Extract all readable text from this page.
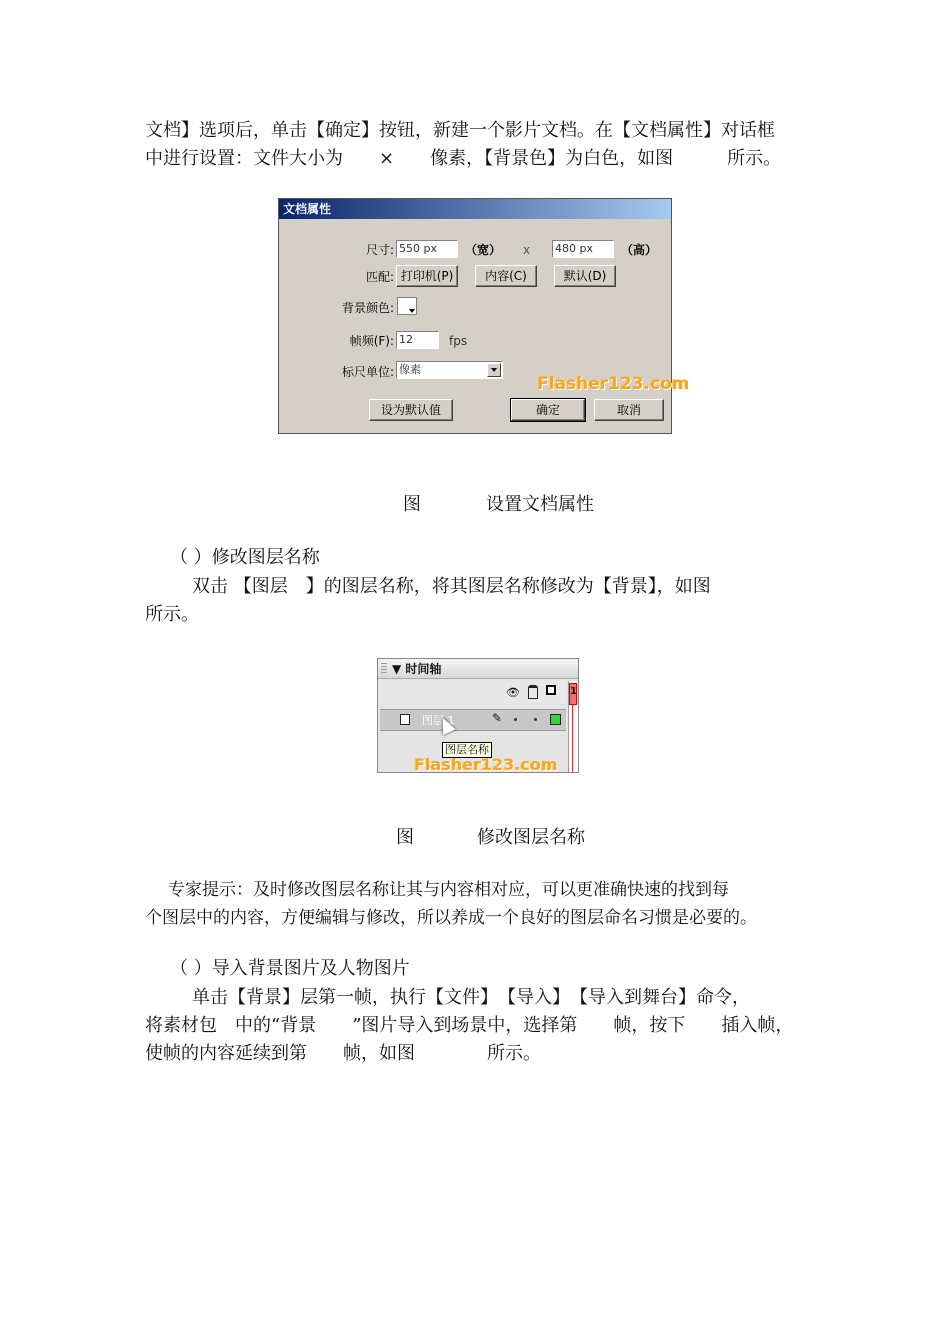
文档】选项后，单击【确定】按钮，新建一个影片文档。在【文档属性】对话框
中进行设置：文件大小为　　×　　像素，【背景色】为白色，如图　　　所示。
文档属性
尺寸: 550 px	（宽） x 480 px	（高）
匹配: 打印机(P)	内容(C)	默认(D)
背景颜色:
帧频(F): 12	fps
标尺单位: 像素
Flasher123.com
设为默认值	确定	取消
图	设置文档属性
（ ）修改图层名称
双击 【图层　】的图层名称，将其图层名称修改为【背景】，如图
所示。
▼ 时间轴
👁
图层 1	✎
1
图层名称
Flasher123.com
图	修改图层名称
专家提示：及时修改图层名称让其与内容相对应，可以更准确快速的找到每
个图层中的内容，方便编辑与修改，所以养成一个良好的图层命名习惯是必要的。
（ ）导入背景图片及人物图片
单击【背景】层第一帧，执行【文件】　【导入】　【导入到舞台】命令，
将素材包　中的“背景　　”图片导入到场景中，选择第　　帧，按下　　插入帧，
使帧的内容延续到第　　帧，如图　　　　所示。
